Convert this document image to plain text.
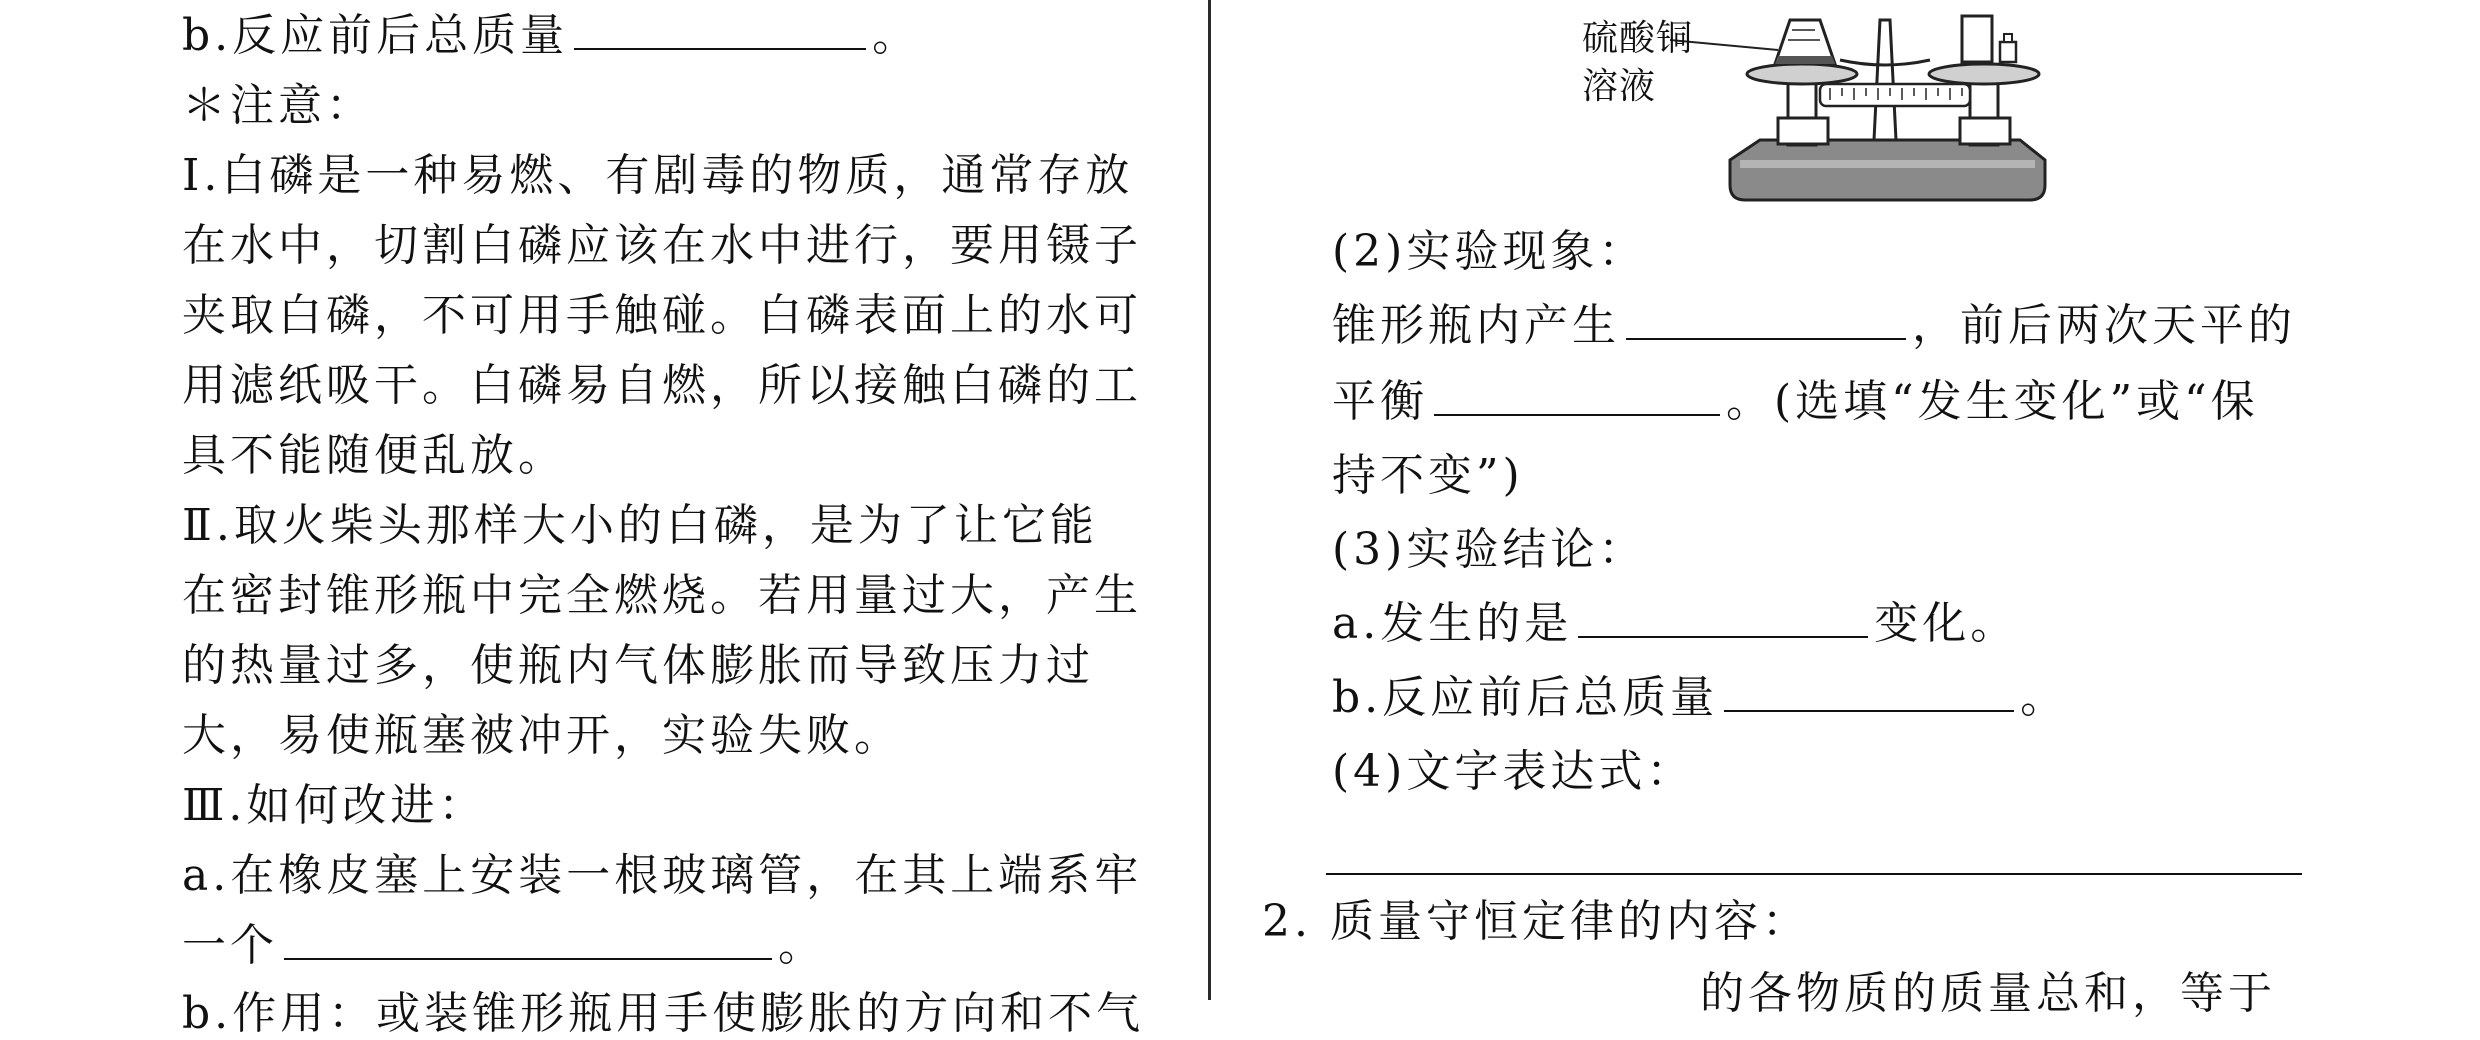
b.反应前后总质量	。
＊注意：
Ⅰ.白磷是一种易燃、有剧毒的物质，通常存放
在水中，切割白磷应该在水中进行，要用镊子
夹取白磷，不可用手触碰。白磷表面上的水可
用滤纸吸干。白磷易自燃，所以接触白磷的工
具不能随便乱放。
Ⅱ.取火柴头那样大小的白磷，是为了让它能
在密封锥形瓶中完全燃烧。若用量过大，产生
的热量过多，使瓶内气体膨胀而导致压力过
大，易使瓶塞被冲开，实验失败。
Ⅲ.如何改进：
a.在橡皮塞上安装一根玻璃管，在其上端系牢
一个	。
b.作用：或装锥形瓶用手使膨胀的方向和不气
硫酸铜
溶液
(2)实验现象：
锥形瓶内产生	，前后两次天平的
平衡	。(选填“发生变化”或“保
持不变”)
(3)实验结论：
a.发生的是	变化。
b.反应前后总质量	。
(4)文字表达式：
2. 质量守恒定律的内容：
的各物质的质量总和，等于
